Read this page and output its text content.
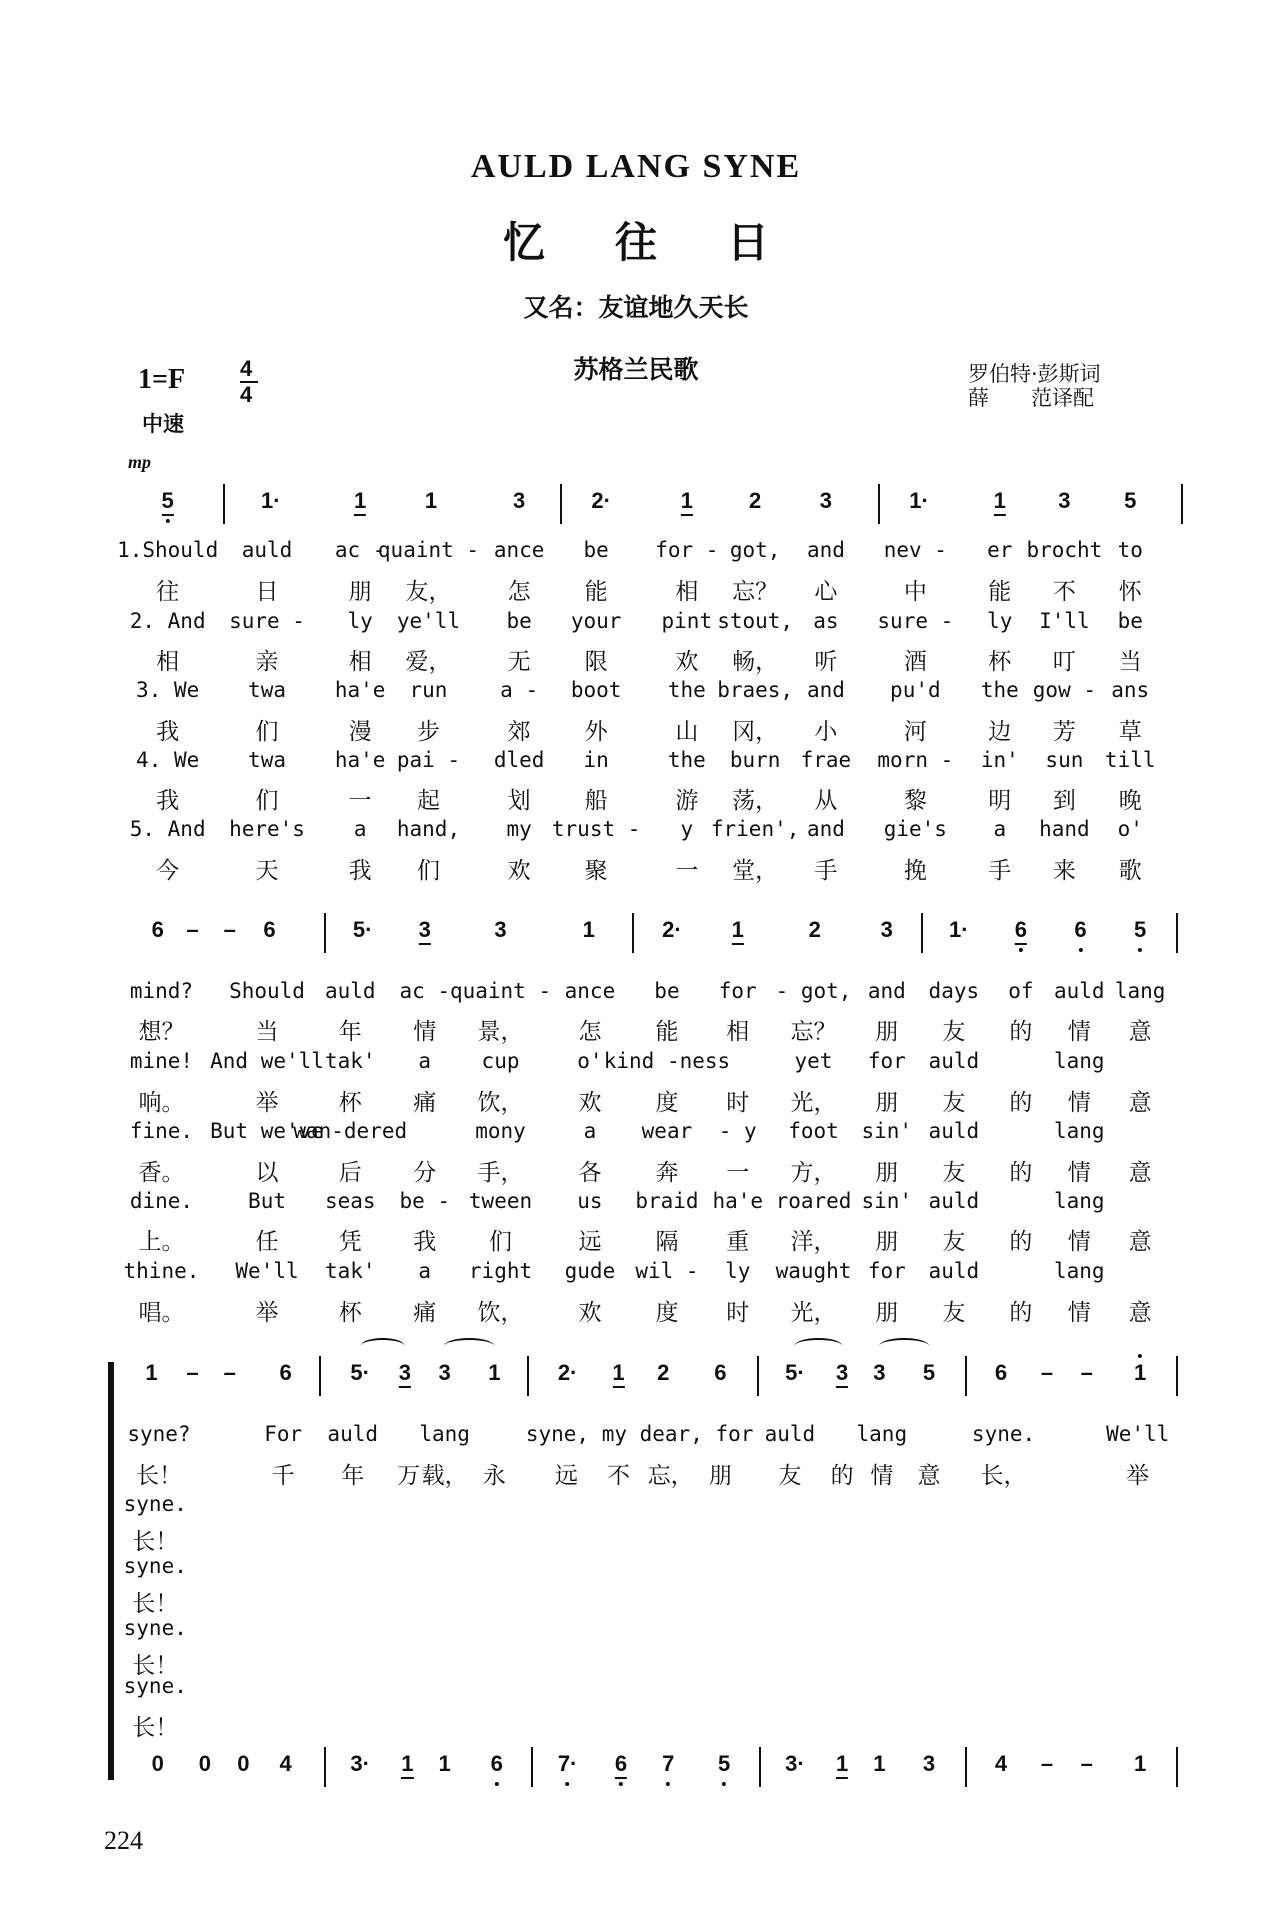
AULD LANG SYNE
忆往日
又名：友谊地久天长
苏格兰民歌
1=F 4
4
中速
罗伯特·彭斯词
薛　　范译配
mp
5	1·	1	1	3	2·	1	2	3	1·	1 3 5
1.Should auld ac -
quaint - ance be for - got, and nev - er brocht to
往	日	朋 友， 怎 能	相 忘？ 心	中	能 不 怀
2. And sure - ly ye'll be your pint stout, as sure - ly I'll be
相	亲	相 爱， 无 限	欢 畅， 听	酒	杯 叮 当
3. We twa ha'e run	a - boot the braes, and pu'd the gow - ans
我	们	漫 步	郊 外	山 冈， 小	河	边 芳 草
4. We twa ha'e pai - dled in	the burn frae morn - in' sun till
我	们	一 起	划 船	游 荡， 从	黎	明 到 晚
5. And here's a hand, my trust - y frien', and gie's a hand o'
今	天	我 们	欢 聚	一 堂， 手	挽	手 来 歌
6 – – 6	5· 3	3	1	2· 1	2	3	1· 6 6 5
mind? Should auld ac - quaint - ance be for - got, and days of auld lang
想？	当	年 情 景， 怎 能 相 忘？ 朋 友 的 情 意
mine! And we'll tak' a cup	o' kind -ness	yet for auld	lang
响。	举	杯 痛 饮， 欢 度 时 光， 朋 友 的 情 意
fine. But we've
wan-dered	mony	a wear - y foot sin' auld	lang
香。	以	后 分 手， 各 奔 一 方， 朋 友 的 情 意
dine.	But seas be - tween us braid ha'e roared sin' auld	lang
上。	任	凭 我 们	远 隔 重 洋， 朋 友 的 情 意
thine. We'll tak' a right gude wil - ly waught for auld	lang
唱。	举	杯 痛 饮， 欢 度 时 光， 朋 友 的 情 意
1 – – 6	5· 3 3 1	2· 1 2 6	5· 3 3 5	6 – – 1
syne?	For auld lang	syne, my dear, for auld lang	syne.	We'll
长！	千 年 万 载， 永 远 不 忘， 朋 友 的 情 意 长，	举
syne.
长！
syne.
长！
syne.
长！
syne.
长！
0 0 0 4	3· 1 1 6 7· 6 7 5 3· 1 1 3	4 – – 1
224
